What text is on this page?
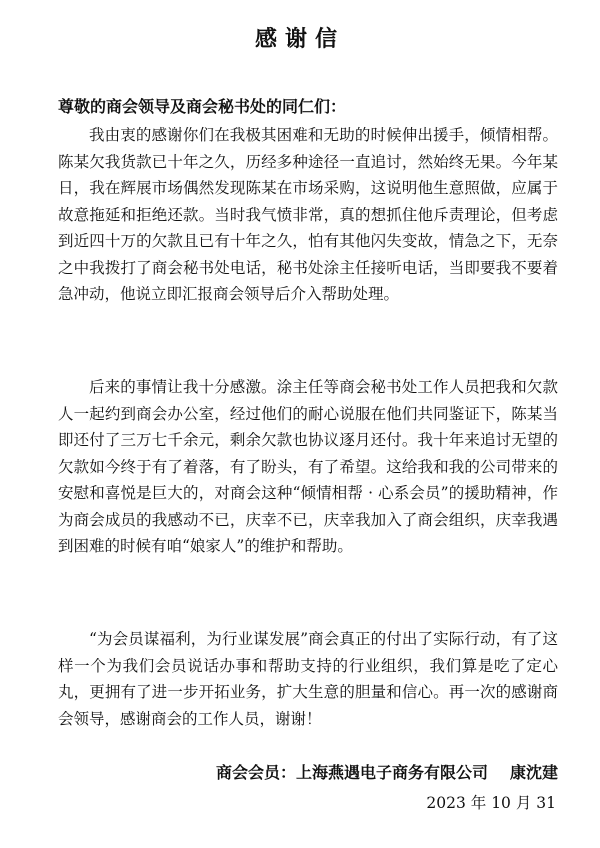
感谢信
尊敬的商会领导及商会秘书处的同仁们：

我由衷的感谢你们在我极其困难和无助的时候伸出援手，倾情相帮。陈某欠我货款已十年之久，历经多种途径一直追讨，然始终无果。今年某日，我在辉展市场偶然发现陈某在市场采购，这说明他生意照做，应属于故意拖延和拒绝还款。当时我气愤非常，真的想抓住他斥责理论，但考虑到近四十万的欠款且已有十年之久，怕有其他闪失变故，情急之下，无奈之中我拨打了商会秘书处电话，秘书处涂主任接听电话，当即要我不要着急冲动，他说立即汇报商会领导后介入帮助处理。

后来的事情让我十分感激。涂主任等商会秘书处工作人员把我和欠款人一起约到商会办公室，经过他们的耐心说服在他们共同鉴证下，陈某当即还付了三万七千余元，剩余欠款也协议逐月还付。我十年来追讨无望的欠款如今终于有了着落，有了盼头，有了希望。这给我和我的公司带来的安慰和喜悦是巨大的，对商会这种“倾情相帮 · 心系会员”的援助精神，作为商会成员的我感动不已，庆幸不已，庆幸我加入了商会组织，庆幸我遇到困难的时候有咱“娘家人”的维护和帮助。

“为会员谋福利，为行业谋发展”商会真正的付出了实际行动，有了这样一个为我们会员说话办事和帮助支持的行业组织，我们算是吃了定心丸，更拥有了进一步开拓业务，扩大生意的胆量和信心。再一次的感谢商会领导，感谢商会的工作人员，谢谢！

商会会员：上海燕遇电子商务有限公司 康沈建
2023 年 10 月 31
